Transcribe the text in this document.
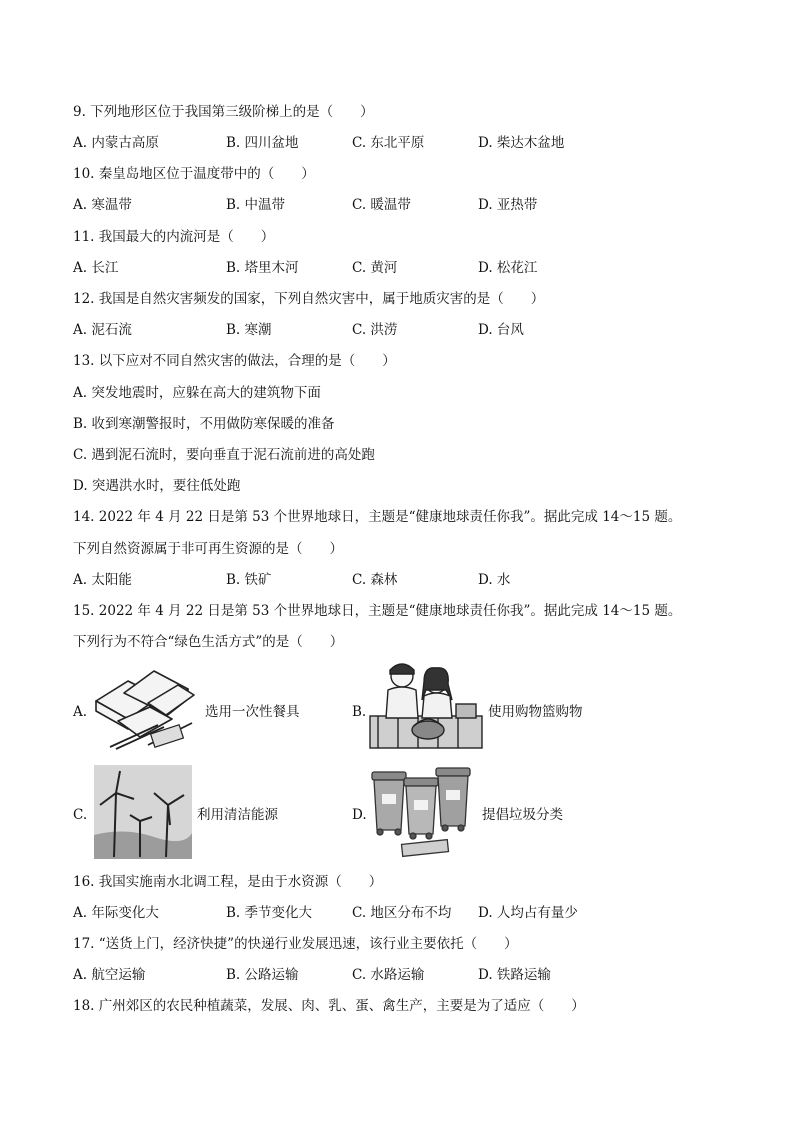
9. 下列地形区位于我国第三级阶梯上的是（　　）
A. 内蒙古高原	B. 四川盆地	C. 东北平原	D. 柴达木盆地
10. 秦皇岛地区位于温度带中的（　　）
A. 寒温带	B. 中温带	C. 暖温带	D. 亚热带
11. 我国最大的内流河是（　　）
A. 长江	B. 塔里木河	C. 黄河	D. 松花江
12. 我国是自然灾害频发的国家，下列自然灾害中，属于地质灾害的是（　　）
A. 泥石流	B. 寒潮	C. 洪涝	D. 台风
13. 以下应对不同自然灾害的做法，合理的是（　　）
A. 突发地震时，应躲在高大的建筑物下面
B. 收到寒潮警报时，不用做防寒保暖的准备
C. 遇到泥石流时，要向垂直于泥石流前进的高处跑
D. 突遇洪水时，要往低处跑
14. 2022 年 4 月 22 日是第 53 个世界地球日，主题是“健康地球责任你我”。据此完成 14～15 题。
下列自然资源属于非可再生资源的是（　　）
A. 太阳能	B. 铁矿	C. 森林	D. 水
15. 2022 年 4 月 22 日是第 53 个世界地球日，主题是“健康地球责任你我”。据此完成 14～15 题。
下列行为不符合“绿色生活方式”的是（　　）
A.	选用一次性餐具	B.	使用购物篮购物
C.	利用清洁能源	D.	提倡垃圾分类
16. 我国实施南水北调工程，是由于水资源（　　）
A. 年际变化大	B. 季节变化大	C. 地区分布不均 D. 人均占有量少
17. “送货上门，经济快捷”的快递行业发展迅速，该行业主要依托（　　）
A. 航空运输	B. 公路运输	C. 水路运输	D. 铁路运输
18. 广州郊区的农民种植蔬菜，发展、肉、乳、蛋、禽生产，主要是为了适应（　　）
